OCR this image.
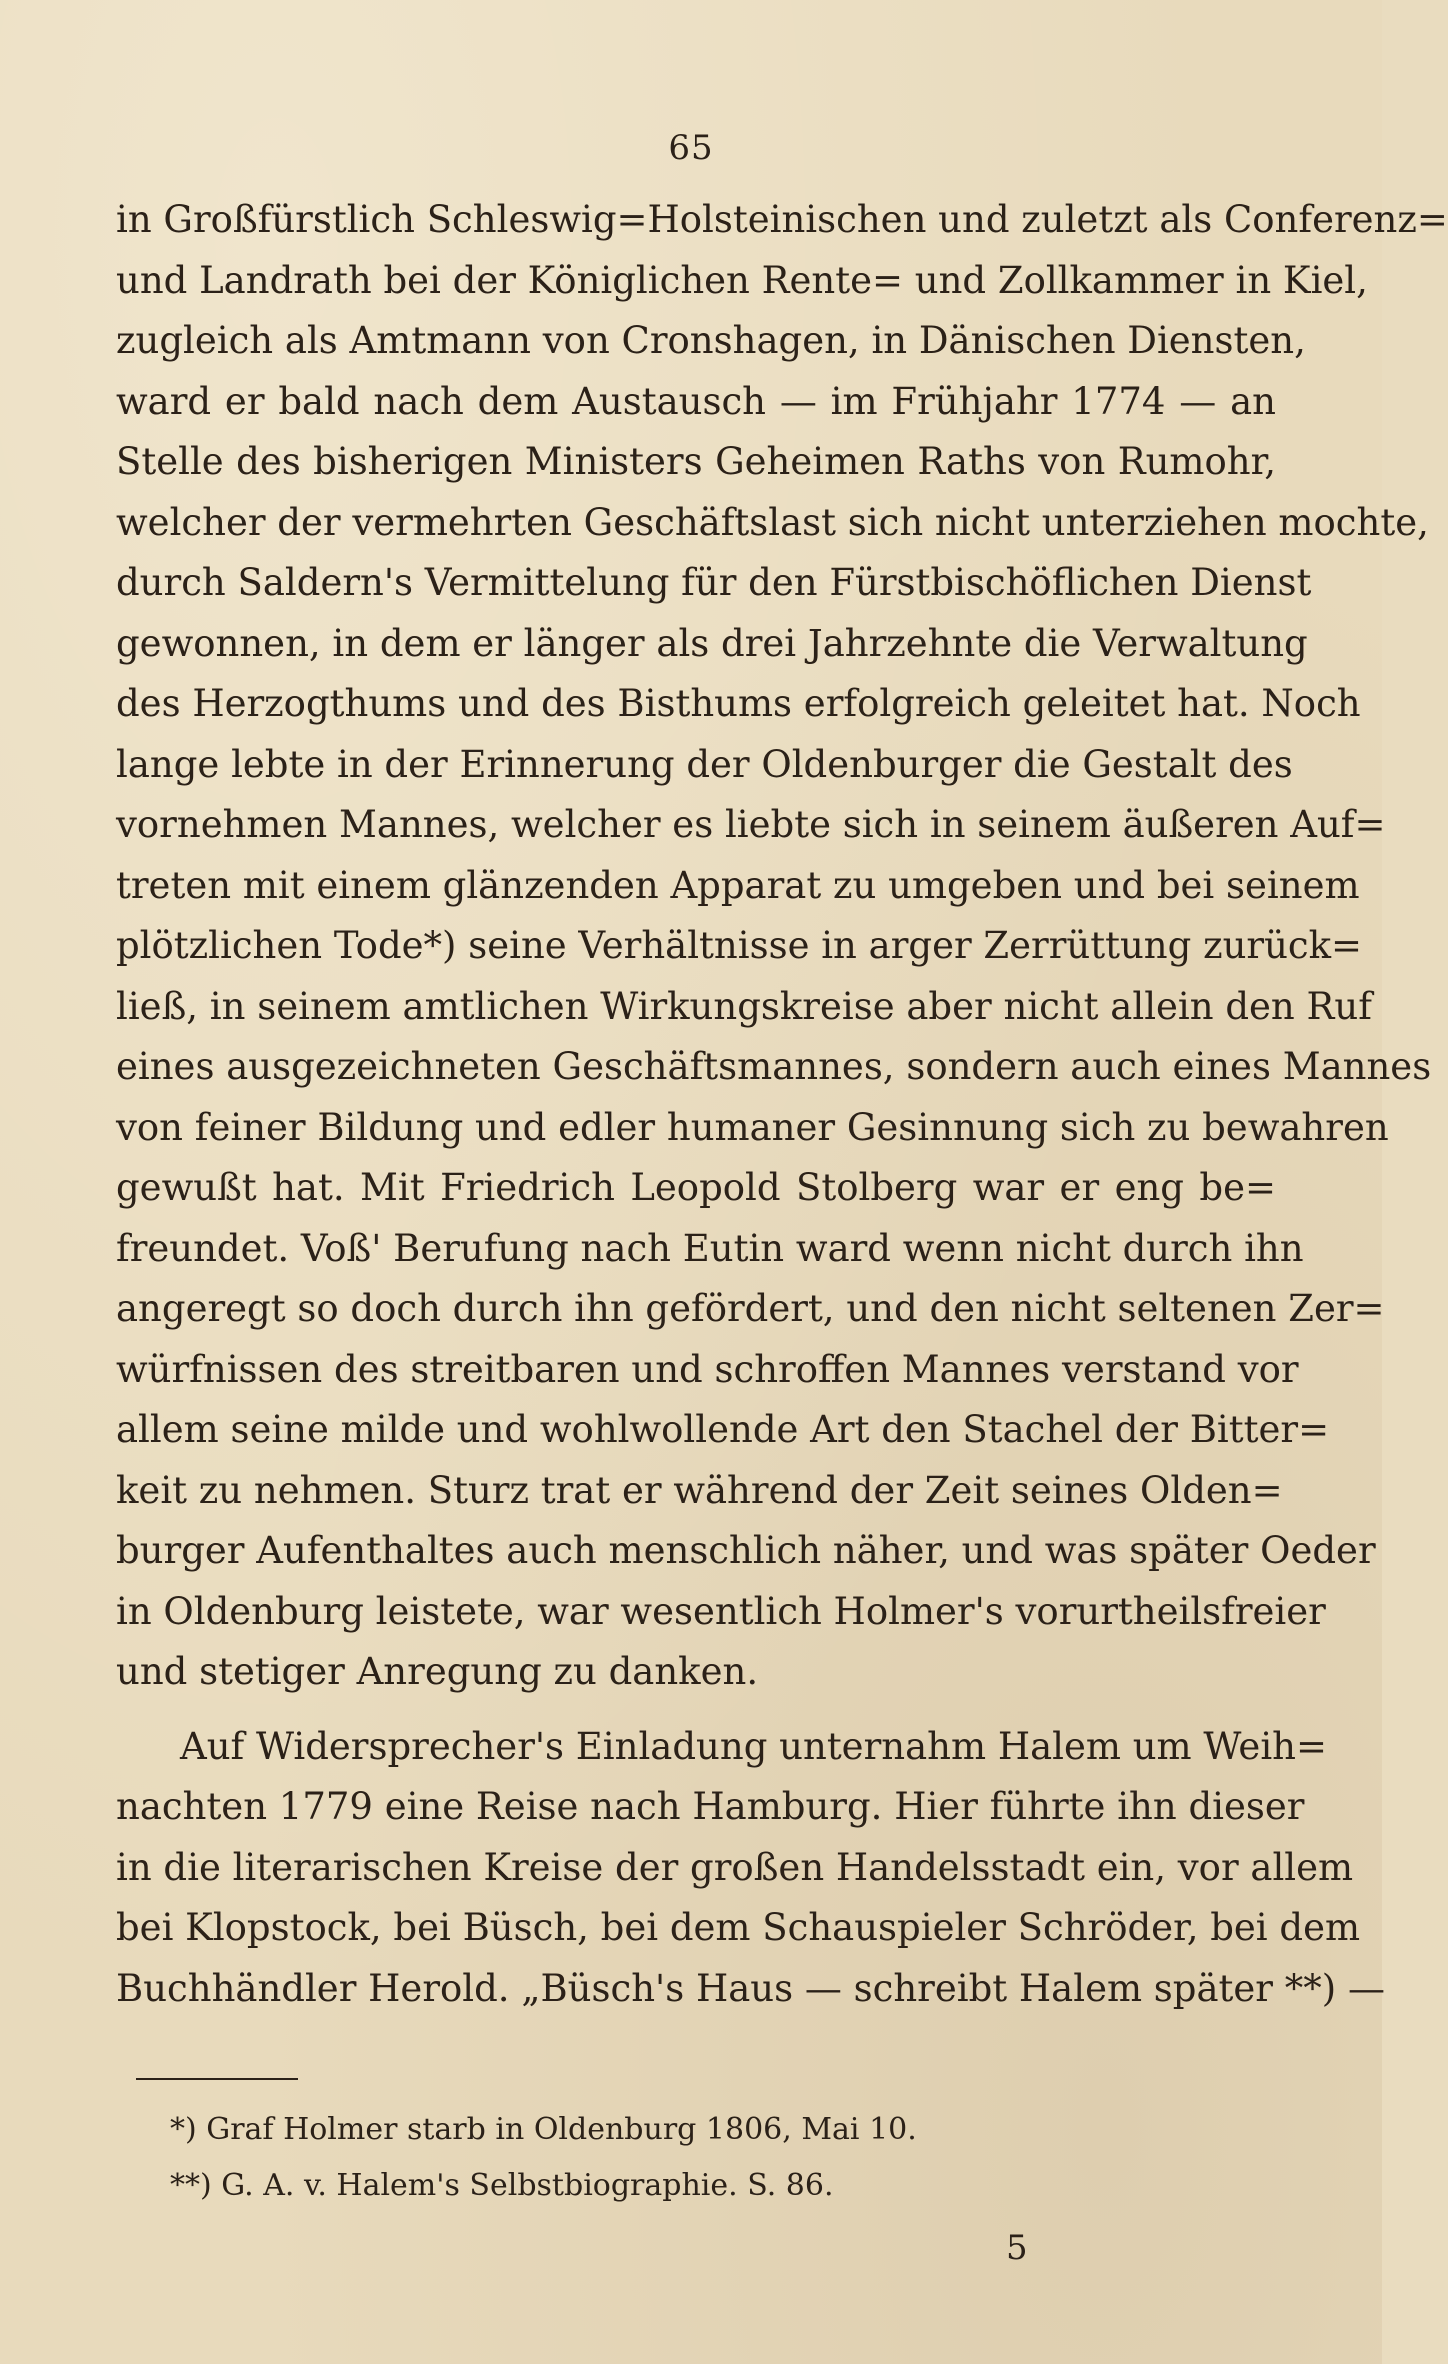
65
in Großfürstlich Schleswig=Holsteinischen und zuletzt als Conferenz=
und Landrath bei der Königlichen Rente= und Zollkammer in Kiel,
zugleich als Amtmann von Cronshagen, in Dänischen Diensten,
ward er bald nach dem Austausch — im Frühjahr 1774 — an
Stelle des bisherigen Ministers Geheimen Raths von Rumohr,
welcher der vermehrten Geschäftslast sich nicht unterziehen mochte,
durch Saldern's Vermittelung für den Fürstbischöflichen Dienst
gewonnen, in dem er länger als drei Jahrzehnte die Verwaltung
des Herzogthums und des Bisthums erfolgreich geleitet hat. Noch
lange lebte in der Erinnerung der Oldenburger die Gestalt des
vornehmen Mannes, welcher es liebte sich in seinem äußeren Auf=
treten mit einem glänzenden Apparat zu umgeben und bei seinem
plötzlichen Tode*) seine Verhältnisse in arger Zerrüttung zurück=
ließ, in seinem amtlichen Wirkungskreise aber nicht allein den Ruf
eines ausgezeichneten Geschäftsmannes, sondern auch eines Mannes
von feiner Bildung und edler humaner Gesinnung sich zu bewahren
gewußt hat. Mit Friedrich Leopold Stolberg war er eng be=
freundet. Voß' Berufung nach Eutin ward wenn nicht durch ihn
angeregt so doch durch ihn gefördert, und den nicht seltenen Zer=
würfnissen des streitbaren und schroffen Mannes verstand vor
allem seine milde und wohlwollende Art den Stachel der Bitter=
keit zu nehmen. Sturz trat er während der Zeit seines Olden=
burger Aufenthaltes auch menschlich näher, und was später Oeder
in Oldenburg leistete, war wesentlich Holmer's vorurtheilsfreier
und stetiger Anregung zu danken.
Auf Widersprecher's Einladung unternahm Halem um Weih=
nachten 1779 eine Reise nach Hamburg. Hier führte ihn dieser
in die literarischen Kreise der großen Handelsstadt ein, vor allem
bei Klopstock, bei Büsch, bei dem Schauspieler Schröder, bei dem
Buchhändler Herold. „Büsch's Haus — schreibt Halem später **) —
*) Graf Holmer starb in Oldenburg 1806, Mai 10.
**) G. A. v. Halem's Selbstbiographie. S. 86.
5
